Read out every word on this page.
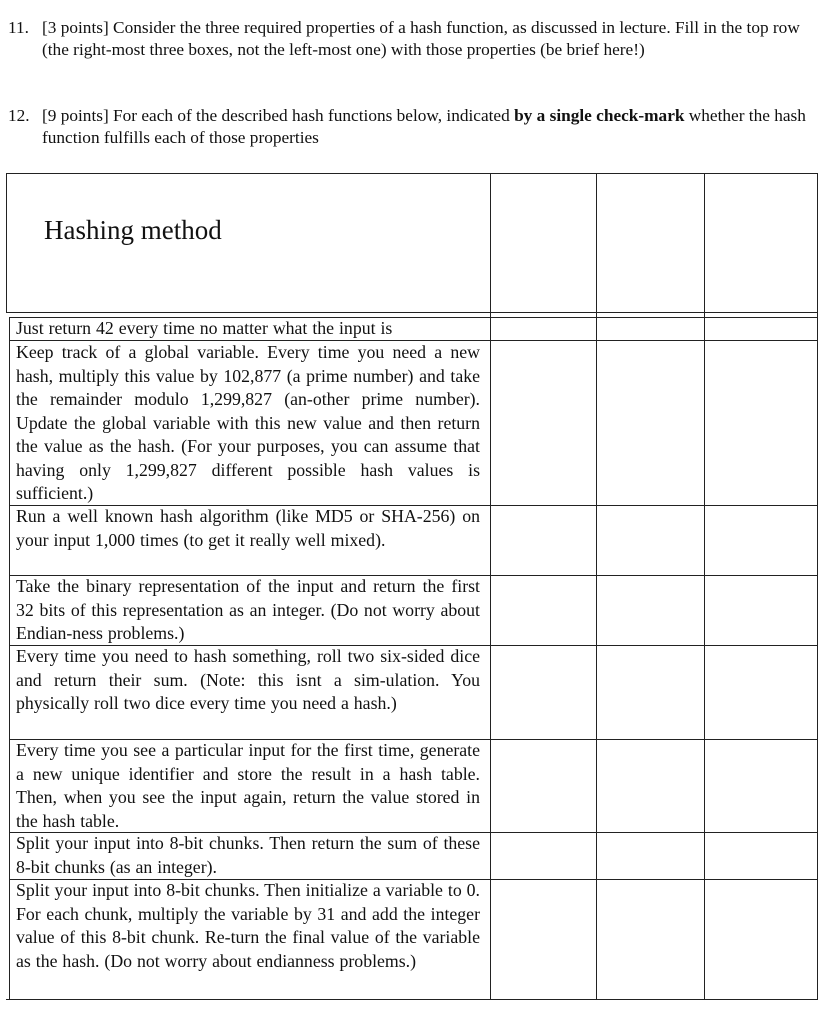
11. [3 points] Consider the three required properties of a hash function, as discussed in lecture. Fill in the top row (the right-most three boxes, not the left-most one) with those properties (be brief here!)
12. [9 points] For each of the described hash functions below, indicated by a single check-mark whether the hash function fulfills each of those properties
Hashing method
Just return 42 every time no matter what the input is
Keep track of a global variable. Every time you need a new hash, multiply this value by 102,877 (a prime number) and take the remainder modulo 1,299,827 (an-other prime number). Update the global variable with this new value and then return the value as the hash. (For your purposes, you can assume that having only 1,299,827 different possible hash values is sufficient.)
Run a well known hash algorithm (like MD5 or SHA-256) on your input 1,000 times (to get it really well mixed).
Take the binary representation of the input and return the first 32 bits of this representation as an integer. (Do not worry about Endian-ness problems.)
Every time you need to hash something, roll two six-sided dice and return their sum. (Note: this isnt a sim-ulation. You physically roll two dice every time you need a hash.)
Every time you see a particular input for the first time, generate a new unique identifier and store the result in a hash table. Then, when you see the input again, return the value stored in the hash table.
Split your input into 8-bit chunks. Then return the sum of these 8-bit chunks (as an integer).
Split your input into 8-bit chunks. Then initialize a variable to 0. For each chunk, multiply the variable by 31 and add the integer value of this 8-bit chunk. Re-turn the final value of the variable as the hash. (Do not worry about endianness problems.)
